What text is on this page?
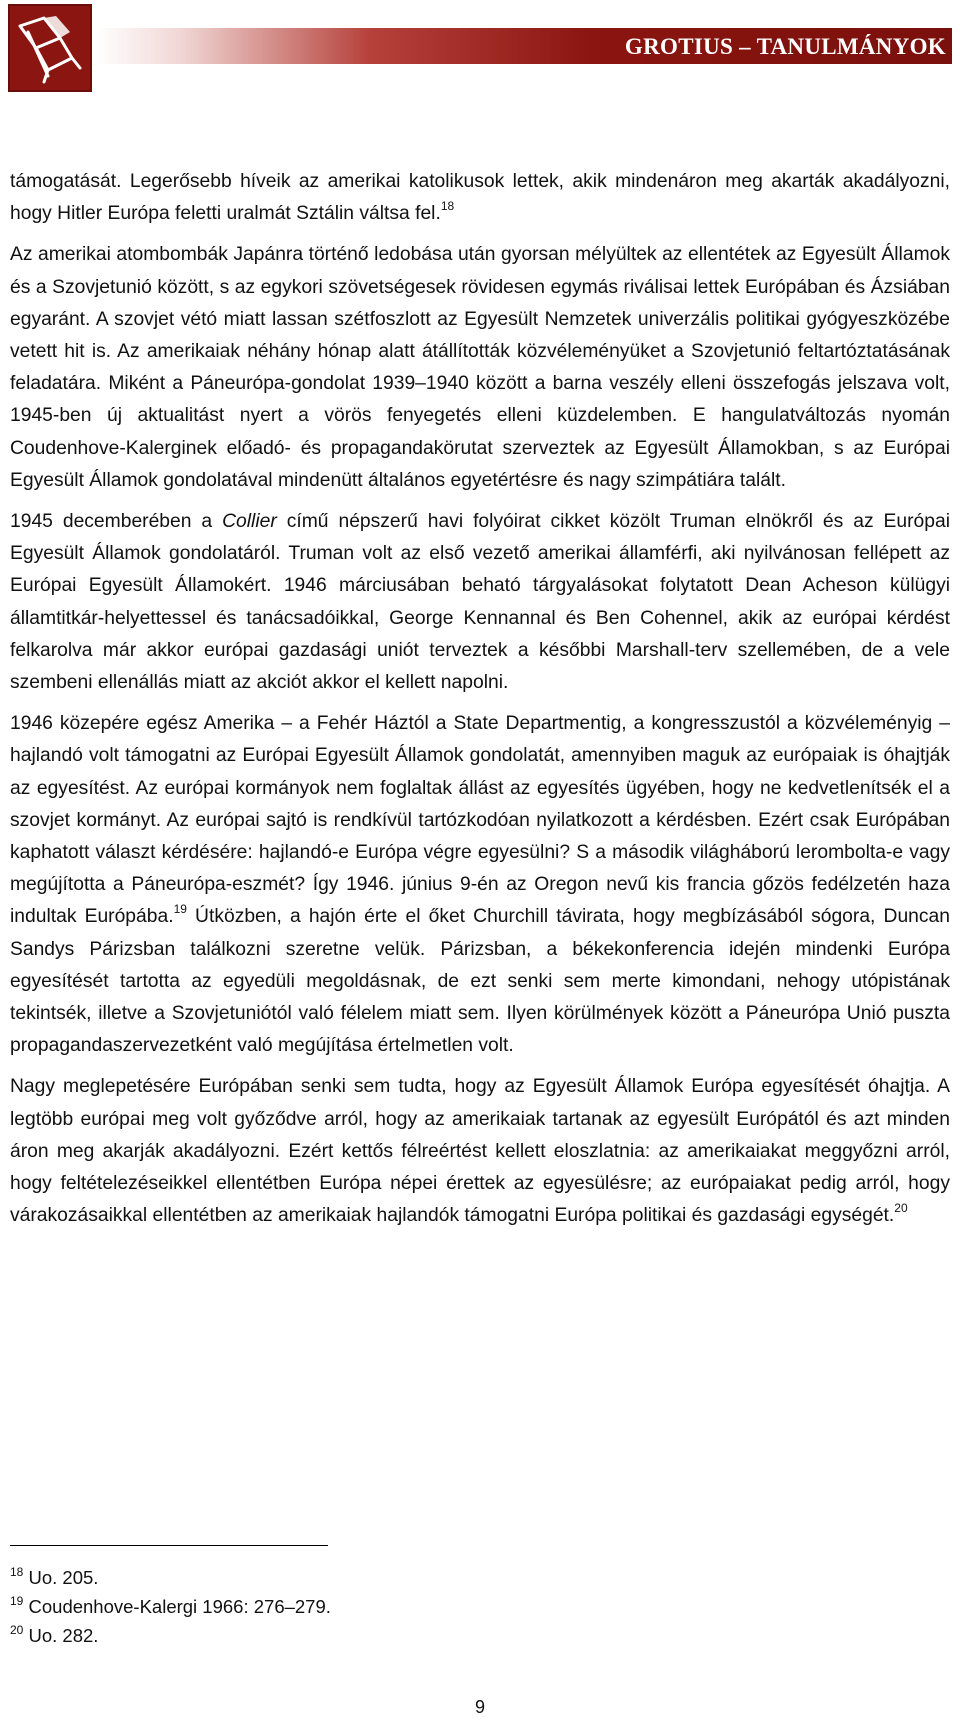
GROTIUS – TANULMÁNYOK

támogatását. Legerősebb híveik az amerikai katolikusok lettek, akik mindenáron meg akarták akadályozni, hogy Hitler Európa feletti uralmát Sztálin váltsa fel.$^{18}$

Az amerikai atombombák Japánra történő ledobása után gyorsan mélyültek az ellentétek az Egyesült Államok és a Szovjetunió között, s az egykori szövetségesek rövidesen egymás riválisai lettek Európában és Ázsiában egyaránt. A szovjet vétó miatt lassan szétfoszlott az Egyesült Nemzetek univerzális politikai gyógyeszközébe vetett hit is. Az amerikaiak néhány hónap alatt átállították közvéleményüket a Szovjetunió feltartóztatásának feladatára. Miként a Páneurópa-gondolat 1939–1940 között a barna veszély elleni összefogás jelszava volt, 1945-ben új aktualitást nyert a vörös fenyegetés elleni küzdelemben. E hangulatváltozás nyomán Coudenhove-Kalerginek előadó- és propagandakörutat szerveztek az Egyesült Államokban, s az Európai Egyesült Államok gondolatával mindenütt általános egyetértésre és nagy szimpátiára talált.

1945 decemberében a Collier című népszerű havi folyóirat cikket közölt Truman elnökről és az Európai Egyesült Államok gondolatáról. Truman volt az első vezető amerikai államférfi, aki nyilvánosan fellépett az Európai Egyesült Államokért. 1946 márciusában beható tárgyalásokat folytatott Dean Acheson külügyi államtitkár-helyettessel és tanácsadóikkal, George Kennannal és Ben Cohennel, akik az európai kérdést felkarolva már akkor európai gazdasági uniót terveztek a későbbi Marshall-terv szellemében, de a vele szembeni ellenállás miatt az akciót akkor el kellett napolni.

1946 közepére egész Amerika – a Fehér Háztól a State Departmentig, a kongresszustól a közvéleményig – hajlandó volt támogatni az Európai Egyesült Államok gondolatát, amennyiben maguk az európaiak is óhajtják az egyesítést. Az európai kormányok nem foglaltak állást az egyesítés ügyében, hogy ne kedvetlenítsék el a szovjet kormányt. Az európai sajtó is rendkívül tartózkodóan nyilatkozott a kérdésben. Ezért csak Európában kaphatott választ kérdésére: hajlandó-e Európa végre egyesülni? S a második világháború lerombolta-e vagy megújította a Páneurópa-eszmét? Így 1946. június 9-én az Oregon nevű kis francia gőzös fedélzetén haza indultak Európába.$^{19}$ Útközben, a hajón érte el őket Churchill távirata, hogy megbízásából sógora, Duncan Sandys Párizsban találkozni szeretne velük. Párizsban, a békekonferencia idején mindenki Európa egyesítését tartotta az egyedüli megoldásnak, de ezt senki sem merte kimondani, nehogy utópistának tekintsék, illetve a Szovjetuniótól való félelem miatt sem. Ilyen körülmények között a Páneurópa Unió puszta propagandaszervezetként való megújítása értelmetlen volt.

Nagy meglepetésére Európában senki sem tudta, hogy az Egyesült Államok Európa egyesítését óhajtja. A legtöbb európai meg volt győződve arról, hogy az amerikaiak tartanak az egyesült Európától és azt minden áron meg akarják akadályozni. Ezért kettős félreértést kellett eloszlatnia: az amerikaiakat meggyőzni arról, hogy feltételezéseikkel ellentétben Európa népei érettek az egyesülésre; az európaiakat pedig arról, hogy várakozásaikkal ellentétben az amerikaiak hajlandók támogatni Európa politikai és gazdasági egységét.$^{20}$

$^{18}$ Uo. 205.
$^{19}$ Coudenhove-Kalergi 1966: 276–279.
$^{20}$ Uo. 282.
9
